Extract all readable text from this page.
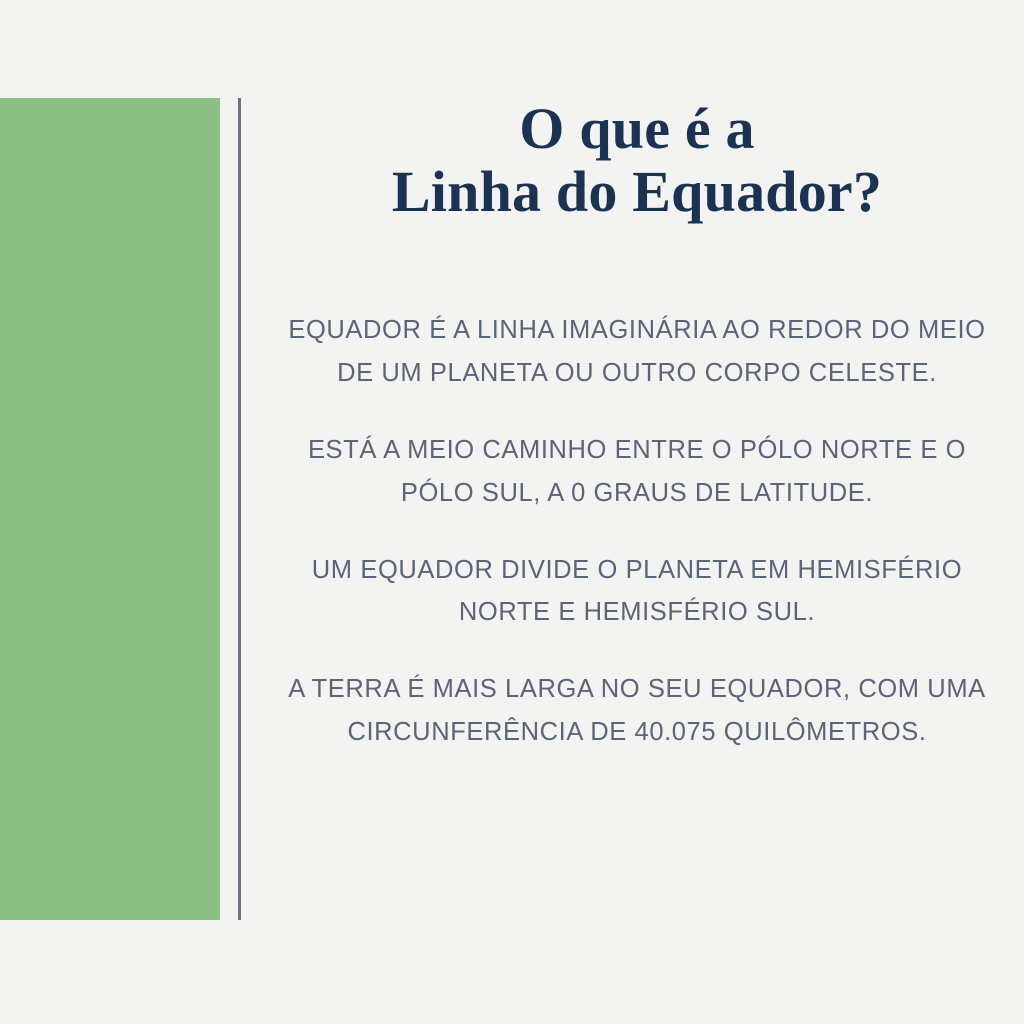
O que é a
Linha do Equador?

EQUADOR É A LINHA IMAGINÁRIA AO REDOR DO MEIO DE UM PLANETA OU OUTRO CORPO CELESTE.

ESTÁ A MEIO CAMINHO ENTRE O PÓLO NORTE E O PÓLO SUL, A 0 GRAUS DE LATITUDE.

UM EQUADOR DIVIDE O PLANETA EM HEMISFÉRIO NORTE E HEMISFÉRIO SUL.

A TERRA É MAIS LARGA NO SEU EQUADOR, COM UMA CIRCUNFERÊNCIA DE 40.075 QUILÔMETROS.
